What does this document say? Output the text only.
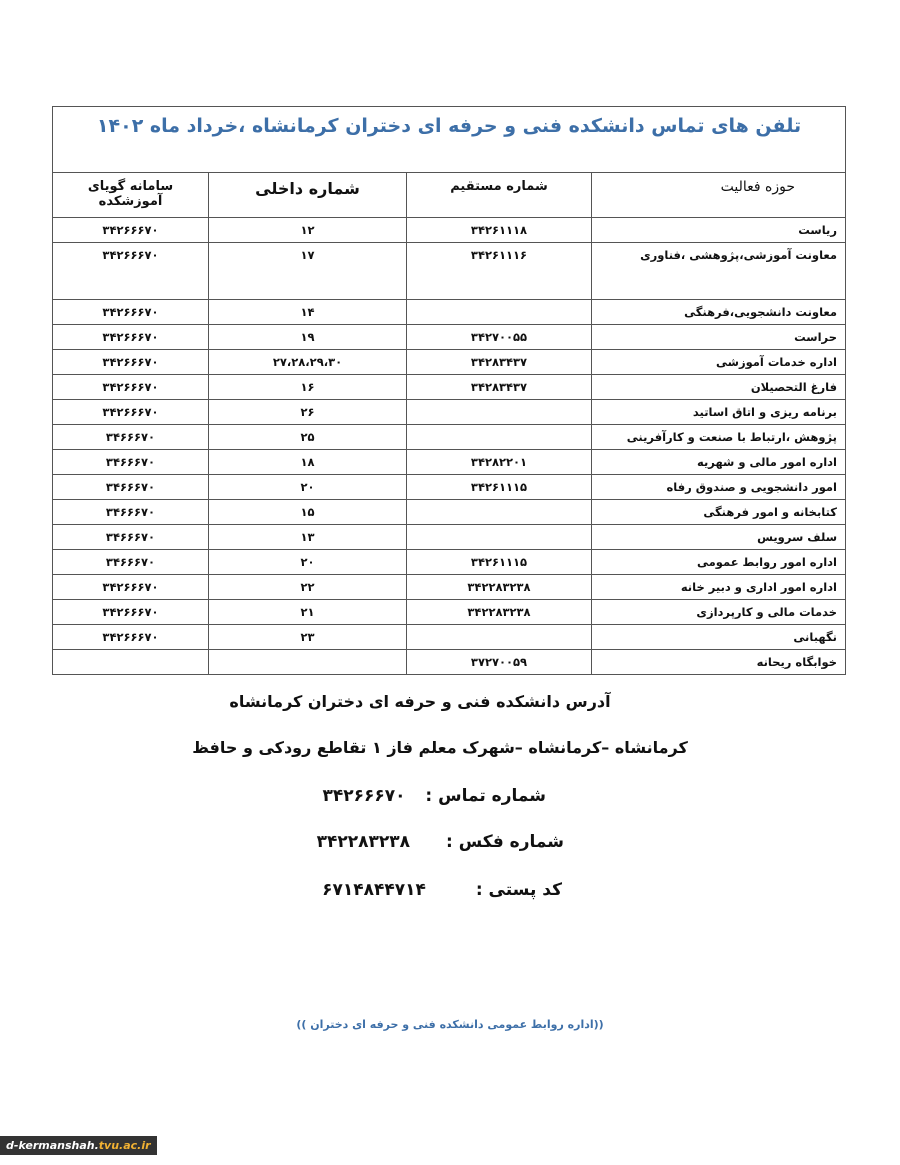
تلفن های تماس دانشکده فنی و حرفه ای دختران کرمانشاه ،خرداد ماه ۱۴۰۲
حوزه فعالیت	شماره مستقیم	شماره داخلی	سامانه گویای آموزشکده
ریاست	۳۴۲۶۱۱۱۸	۱۲	۳۴۲۶۶۶۷۰
معاونت آموزشی،پژوهشی ،فناوری	۳۴۲۶۱۱۱۶	۱۷	۳۴۲۶۶۶۷۰
معاونت دانشجویی،فرهنگی		۱۴	۳۴۲۶۶۶۷۰
حراست	۳۴۲۷۰۰۵۵	۱۹	۳۴۲۶۶۶۷۰
اداره خدمات آموزشی	۳۴۲۸۳۴۳۷	۲۷،۲۸،۲۹،۳۰	۳۴۲۶۶۶۷۰
فارغ التحصیلان	۳۴۲۸۳۴۳۷	۱۶	۳۴۲۶۶۶۷۰
برنامه ریزی و اتاق اساتید		۲۶	۳۴۲۶۶۶۷۰
پژوهش ،ارتباط با صنعت و کارآفرینی		۲۵	۳۴۶۶۶۷۰
اداره امور مالی و شهریه	۳۴۲۸۲۲۰۱	۱۸	۳۴۶۶۶۷۰
امور دانشجویی و صندوق رفاه	۳۴۲۶۱۱۱۵	۲۰	۳۴۶۶۶۷۰
کتابخانه و امور فرهنگی		۱۵	۳۴۶۶۶۷۰
سلف سرویس		۱۳	۳۴۶۶۶۷۰
اداره امور روابط عمومی	۳۴۲۶۱۱۱۵	۲۰	۳۴۶۶۶۷۰
اداره امور اداری و دبیر خانه	۳۴۲۲۸۳۲۳۸	۲۲	۳۴۲۶۶۶۷۰
خدمات مالی و کارپردازی	۳۴۲۲۸۳۲۳۸	۲۱	۳۴۲۶۶۶۷۰
نگهبانی		۲۳	۳۴۲۶۶۶۷۰
خوابگاه ریحانه	۳۷۲۷۰۰۵۹		
آدرس دانشکده فنی و حرفه ای دختران کرمانشاه
کرمانشاه –کرمانشاه –شهرک معلم فاز ۱ تقاطع رودکی و حافظ
شماره تماس : ۳۴۲۶۶۶۷۰
شماره فکس : ۳۴۲۲۸۳۲۳۸
کد پستی : ۶۷۱۴۸۴۴۷۱۴
((اداره روابط عمومی دانشکده فنی و حرفه ای دختران ))
d-kermanshah.tvu.ac.ir
